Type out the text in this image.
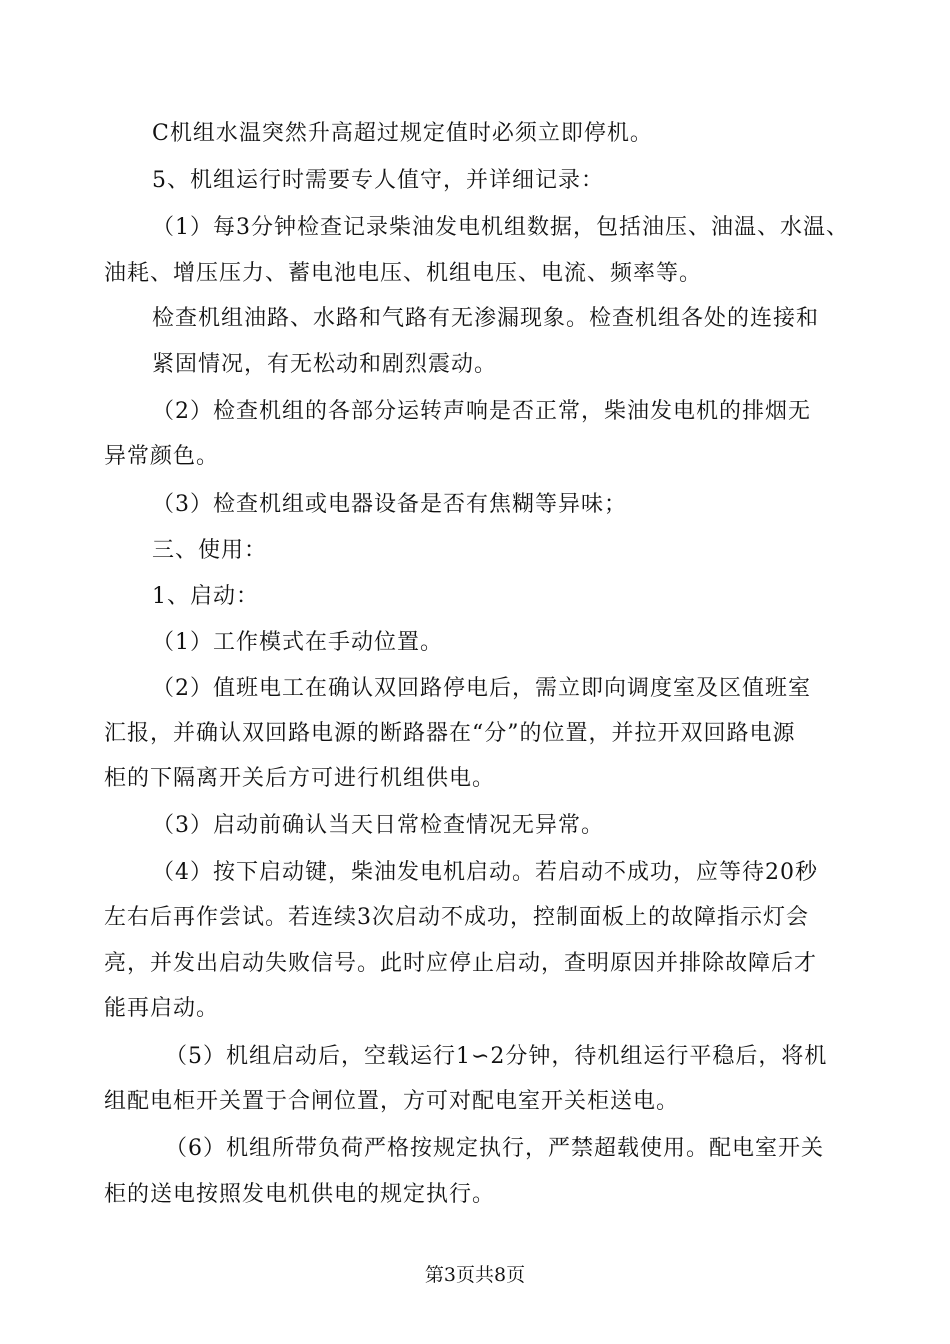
C机组水温突然升高超过规定值时必须立即停机。
5、机组运行时需要专人值守，并详细记录：
（1）每3分钟检查记录柴油发电机组数据，包括油压、油温、水温、
油耗、增压压力、蓄电池电压、机组电压、电流、频率等。
检查机组油路、水路和气路有无渗漏现象。检查机组各处的连接和
紧固情况，有无松动和剧烈震动。
（2）检查机组的各部分运转声响是否正常，柴油发电机的排烟无
异常颜色。
（3）检查机组或电器设备是否有焦糊等异味；
三、使用：
1、启动：
（1）工作模式在手动位置。
（2）值班电工在确认双回路停电后，需立即向调度室及区值班室
汇报，并确认双回路电源的断路器在“分”的位置，并拉开双回路电源
柜的下隔离开关后方可进行机组供电。
（3）启动前确认当天日常检查情况无异常。
（4）按下启动键，柴油发电机启动。若启动不成功，应等待20秒
左右后再作尝试。若连续3次启动不成功，控制面板上的故障指示灯会
亮，并发出启动失败信号。此时应停止启动，查明原因并排除故障后才
能再启动。
（5）机组启动后，空载运行1∽2分钟，待机组运行平稳后，将机
组配电柜开关置于合闸位置，方可对配电室开关柜送电。
（6）机组所带负荷严格按规定执行，严禁超载使用。配电室开关
柜的送电按照发电机供电的规定执行。
第3页共8页
